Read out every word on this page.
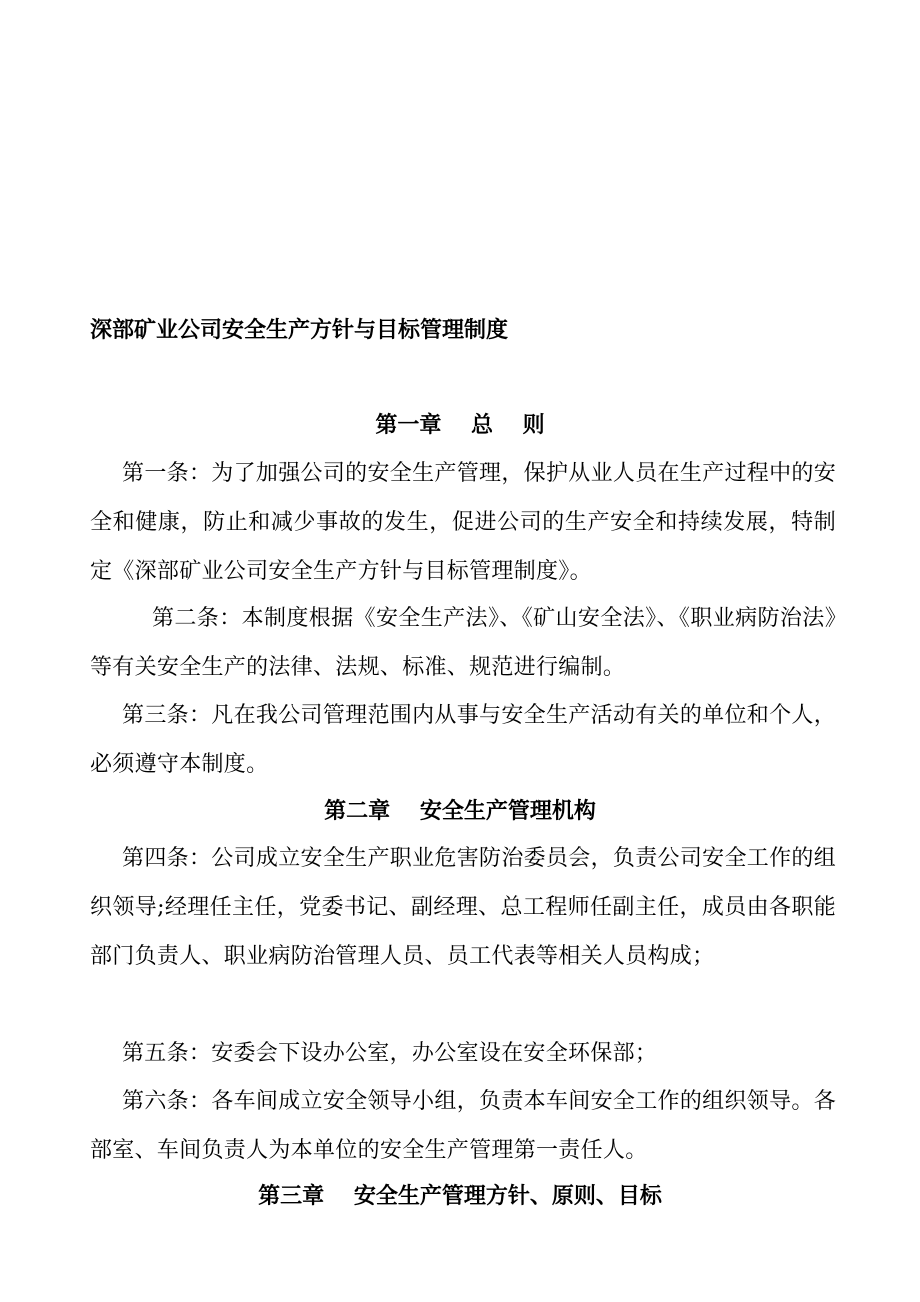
深部矿业公司安全生产方针与目标管理制度
第一章　 总　 则

第一条：为了加强公司的安全生产管理，保护从业人员在生产过程中的安全和健康，防止和减少事故的发生，促进公司的生产安全和持续发展，特制定《深部矿业公司安全生产方针与目标管理制度》。

第二条：本制度根据《安全生产法》、《矿山安全法》、《职业病防治法》等有关安全生产的法律、法规、标准、规范进行编制。

第三条：凡在我公司管理范围内从事与安全生产活动有关的单位和个人，必须遵守本制度。

第二章　 安全生产管理机构

第四条：公司成立安全生产职业危害防治委员会，负责公司安全工作的组织领导;经理任主任，党委书记、副经理、总工程师任副主任，成员由各职能部门负责人、职业病防治管理人员、员工代表等相关人员构成；

第五条：安委会下设办公室，办公室设在安全环保部；

第六条：各车间成立安全领导小组，负责本车间安全工作的组织领导。各部室、车间负责人为本单位的安全生产管理第一责任人。

第三章　 安全生产管理方针、原则、目标
